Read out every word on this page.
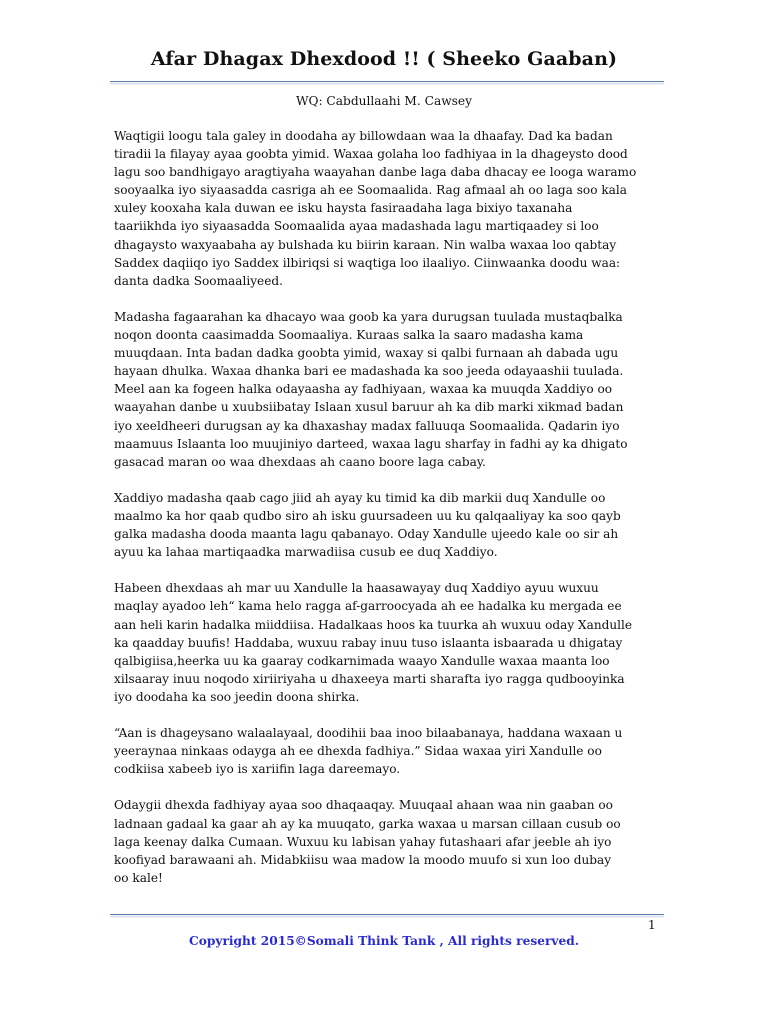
Afar Dhagax Dhexdood !! ( Sheeko Gaaban)
WQ: Cabdullaahi M. Cawsey
Waqtigii loogu tala galey in doodaha ay billowdaan waa la dhaafay. Dad ka badan
tiradii la filayay ayaa goobta yimid. Waxaa golaha loo fadhiyaa in la dhageysto dood
lagu soo bandhigayo aragtiyaha waayahan danbe laga daba dhacay ee looga waramo
sooyaalka iyo siyaasadda casriga ah ee Soomaalida. Rag afmaal ah oo laga soo kala
xuley kooxaha kala duwan ee isku haysta fasiraadaha laga bixiyo taxanaha
taariikhda iyo siyaasadda Soomaalida ayaa madashada lagu martiqaadey si loo
dhagaysto waxyaabaha ay bulshada ku biirin karaan. Nin walba waxaa loo qabtay
Saddex daqiiqo iyo Saddex ilbiriqsi si waqtiga loo ilaaliyo. Ciinwaanka doodu waa:
danta dadka Soomaaliyeed.
Madasha fagaarahan ka dhacayo waa goob ka yara durugsan tuulada mustaqbalka
noqon doonta caasimadda Soomaaliya. Kuraas salka la saaro madasha kama
muuqdaan. Inta badan dadka goobta yimid, waxay si qalbi furnaan ah dabada ugu
hayaan dhulka. Waxaa dhanka bari ee madashada ka soo jeeda odayaashii tuulada.
Meel aan ka fogeen halka odayaasha ay fadhiyaan, waxaa ka muuqda Xaddiyo oo
waayahan danbe u xuubsiibatay Islaan xusul baruur ah ka dib marki xikmad badan
iyo xeeldheeri durugsan ay ka dhaxashay madax falluuqa Soomaalida. Qadarin iyo
maamuus Islaanta loo muujiniyo darteed, waxaa lagu sharfay in fadhi ay ka dhigato
gasacad maran oo waa dhexdaas ah caano boore laga cabay.
Xaddiyo madasha qaab cago jiid ah ayay ku timid ka dib markii duq Xandulle oo
maalmo ka hor qaab qudbo siro ah isku guursadeen uu ku qalqaaliyay ka soo qayb
galka madasha dooda maanta lagu qabanayo. Oday Xandulle ujeedo kale oo sir ah
ayuu ka lahaa martiqaadka marwadiisa cusub ee duq Xaddiyo.
Habeen dhexdaas ah mar uu Xandulle la haasawayay duq Xaddiyo ayuu wuxuu
maqlay ayadoo leh“ kama helo ragga af-garroocyada ah ee hadalka ku mergada ee
aan heli karin hadalka miiddiisa. Hadalkaas hoos ka tuurka ah wuxuu oday Xandulle
ka qaadday buufis! Haddaba, wuxuu rabay inuu tuso islaanta isbaarada u dhigatay
qalbigiisa,heerka uu ka gaaray codkarnimada waayo Xandulle waxaa maanta loo
xilsaaray inuu noqodo xiriiriyaha u dhaxeeya marti sharafta iyo ragga qudbooyinka
iyo doodaha ka soo jeedin doona shirka.
“Aan is dhageysano walaalayaal, doodihii baa inoo bilaabanaya, haddana waxaan u
yeeraynaa ninkaas odayga ah ee dhexda fadhiya.” Sidaa waxaa yiri Xandulle oo
codkiisa xabeeb iyo is xariifin laga dareemayo.
Odaygii dhexda fadhiyay ayaa soo dhaqaaqay. Muuqaal ahaan waa nin gaaban oo
ladnaan gadaal ka gaar ah ay ka muuqato, garka waxaa u marsan cillaan cusub oo
laga keenay dalka Cumaan. Wuxuu ku labisan yahay futashaari afar jeeble ah iyo
koofiyad barawaani ah. Midabkiisu waa madow la moodo muufo si xun loo dubay
oo kale!
1
Copyright 2015©Somali Think Tank , All rights reserved.
